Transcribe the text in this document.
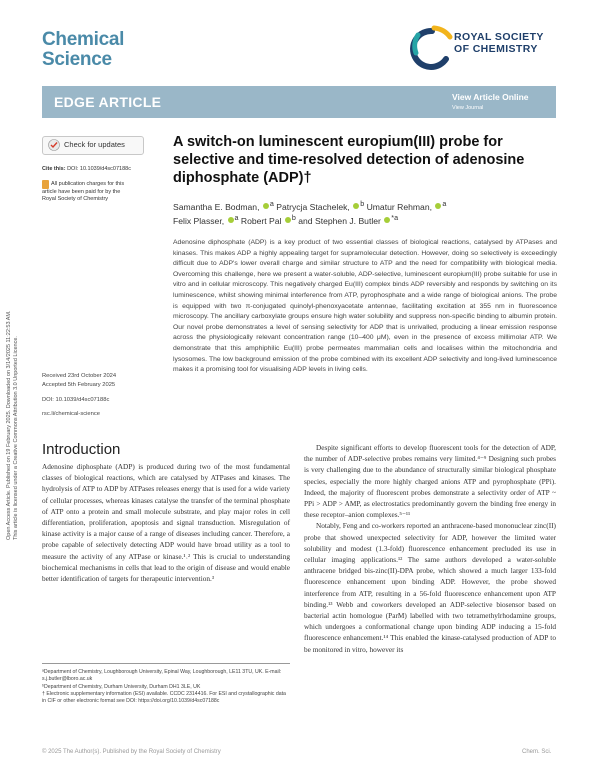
Chemical
Science
ROYAL SOCIETY
OF CHEMISTRY
EDGE ARTICLE	View Article Online
View Journal
Check for updates
Cite this: DOI: 10.1039/d4sc07188c
All publication charges for this article have been paid for by the Royal Society of Chemistry
A switch-on luminescent europium(III) probe for selective and time-resolved detection of adenosine diphosphate (ADP)†
Samantha E. Bodman, $^a$ Patrycja Stachelek, $^b$ Umatur Rehman, $^a$
Felix Plasser, $^a$ Robert Pal $^b$ and Stephen J. Butler $^{*a}$
Adenosine diphosphate (ADP) is a key product of two essential classes of biological reactions, catalysed by ATPases and kinases. This makes ADP a highly appealing target for supramolecular detection. However, doing so selectively is exceedingly difficult due to ADP's lower overall charge and similar structure to ATP and the need for compatibility with biological media. Overcoming this challenge, here we present a water-soluble, ADP-selective, luminescent europium(III) probe suitable for use in vitro and in cellular microscopy. This negatively charged Eu(III) complex binds ADP reversibly and responds by switching on its luminescence, whilst showing minimal interference from ATP, pyrophosphate and a wide range of biological anions. The probe is equipped with two π-conjugated quinolyl-phenoxyacetate antennae, facilitating excitation at 355 nm in fluorescence microscopy. The ancillary carboxylate groups ensure high water solubility and suppress non-specific binding to albumin protein. Our novel probe demonstrates a level of sensing selectivity for ADP that is unrivalled, producing a linear emission response across the physiologically relevant concentration range (10–400 μM), even in the presence of excess millimolar ATP. We demonstrate that this amphiphilic Eu(III) probe permeates mammalian cells and localises within the mitochondria and lysosomes. The low background emission of the probe combined with its excellent ADP selectivity and long-lived luminescence makes it a promising tool for visualising ADP levels in living cells.
Received 23rd October 2024
Accepted 5th February 2025
DOI: 10.1039/d4sc07188c
rsc.li/chemical-science
Open Access Article. Published on 19 February 2025. Downloaded on 3/14/2025 11:22:53 AM. This article is licensed under a Creative Commons Attribution 3.0 Unported Licence. Introduction

Adenosine diphosphate (ADP) is produced during two of the most fundamental classes of biological reactions, which are catalysed by ATPases and kinases. The hydrolysis of ATP to ADP by ATPases releases energy that is used for a wide variety of cellular processes, whereas kinases catalyse the transfer of the terminal phosphate of ATP onto a protein and small molecule substrate, and play major roles in cell differentiation, proliferation, apoptosis and signal transduction. Misregulation of kinase activity is a major cause of a range of diseases including cancer. Therefore, a probe capable of selectively detecting ADP would have broad utility as a tool to measure the activity of any ATPase or kinase.¹˒² This is crucial to understanding biochemical mechanisms in cells that lead to the origin of disease and would enable better identification of targets for therapeutic intervention.³

Despite significant efforts to develop fluorescent tools for the detection of ADP, the number of ADP-selective probes remains very limited.⁴⁻⁹ Designing such probes is very challenging due to the abundance of structurally similar biological phosphate species, especially the more highly charged anions ATP and pyrophosphate (PPi). Indeed, the majority of fluorescent probes demonstrate a selectivity order of ATP ~ PPi > ADP > AMP, as electrostatics predominantly govern the binding free energy in these receptor–anion complexes.⁵⁻¹¹

Notably, Feng and co-workers reported an anthracene-based mononuclear zinc(II) probe that showed unexpected selectivity for ADP, however the limited water solubility and modest (1.3-fold) fluorescence enhancement precluded its use in cellular imaging applications.¹² The same authors developed a water-soluble anthracene bridged bis-zinc(II)-DPA probe, which showed a much larger 133-fold fluorescence enhancement upon binding ADP. However, the probe showed interference from ATP, resulting in a 56-fold fluorescence enhancement upon ATP binding.¹³ Webb and coworkers developed an ADP-selective biosensor based on bacterial actin homologue (ParM) labelled with two tetramethylrhodamine groups, which undergoes a conformational change upon binding ADP inducing a 15-fold fluorescence enhancement.¹⁴ This enabled the kinase-catalysed production of ADP to be monitored in vitro, however its

ᵃDepartment of Chemistry, Loughborough University, Epinal Way, Loughborough, LE11 3TU, UK. E-mail: s.j.butler@lboro.ac.uk
ᵇDepartment of Chemistry, Durham University, Durham DH1 3LE, UK
† Electronic supplementary information (ESI) available. CCDC 2314416. For ESI and crystallographic data in CIF or other electronic format see DOI: https://doi.org/10.1039/d4sc07188c
© 2025 The Author(s). Published by the Royal Society of Chemistry	Chem. Sci.
